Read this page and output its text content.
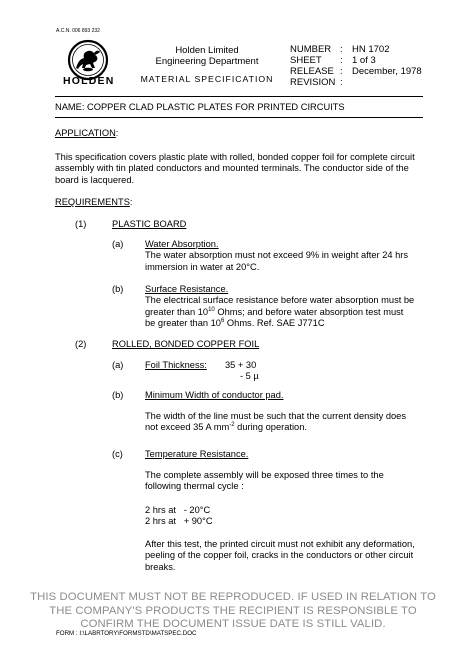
A.C.N. 006 893 232
HOLDEN
Holden Limited
Engineering Department
MATERIAL SPECIFICATION
NUMBER : HN 1702
SHEET	: 1 of 3
RELEASE : December, 1978
REVISION :
NAME: COPPER CLAD PLASTIC PLATES FOR PRINTED CIRCUITS
APPLICATION:
This specification covers plastic plate with rolled, bonded copper foil for complete circuit
assembly with tin plated conductors and mounted terminals. The conductor side of the
board is lacquered.
REQUIREMENTS:
(1)	PLASTIC BOARD
(a) Water Absorption.
The water absorption must not exceed 9% in weight after 24 hrs
immersion in water at 20°C.
(b) Surface Resistance.
The electrical surface resistance before water absorption must be
greater than $10^{10}$ Ohms; and before water absorption test must
be greater than $10^6$ Ohms. Ref. SAE J771C
(2)	ROLLED, BONDED COPPER FOIL
(a) Foil Thickness: 35 + 30
- 5 µ
(b) Minimum Width of conductor pad.
The width of the line must be such that the current density does
not exceed 35 A $mm^{-2}$ during operation.
(c) Temperature Resistance.
The complete assembly will be exposed three times to the
following thermal cycle :
2 hrs at   - 20°C
2 hrs at   + 90°C
After this test, the printed circuit must not exhibit any deformation,
peeling of the copper foil, cracks in the conductors or other circuit
breaks.
THIS DOCUMENT MUST NOT BE REPRODUCED. IF USED IN RELATION TO
THE COMPANY'S PRODUCTS THE RECIPIENT IS RESPONSIBLE TO
CONFIRM THE DOCUMENT ISSUE DATE IS STILL VALID.
FORM : I:\LABRTORY\FORMSTD\MATSPEC.DOC
